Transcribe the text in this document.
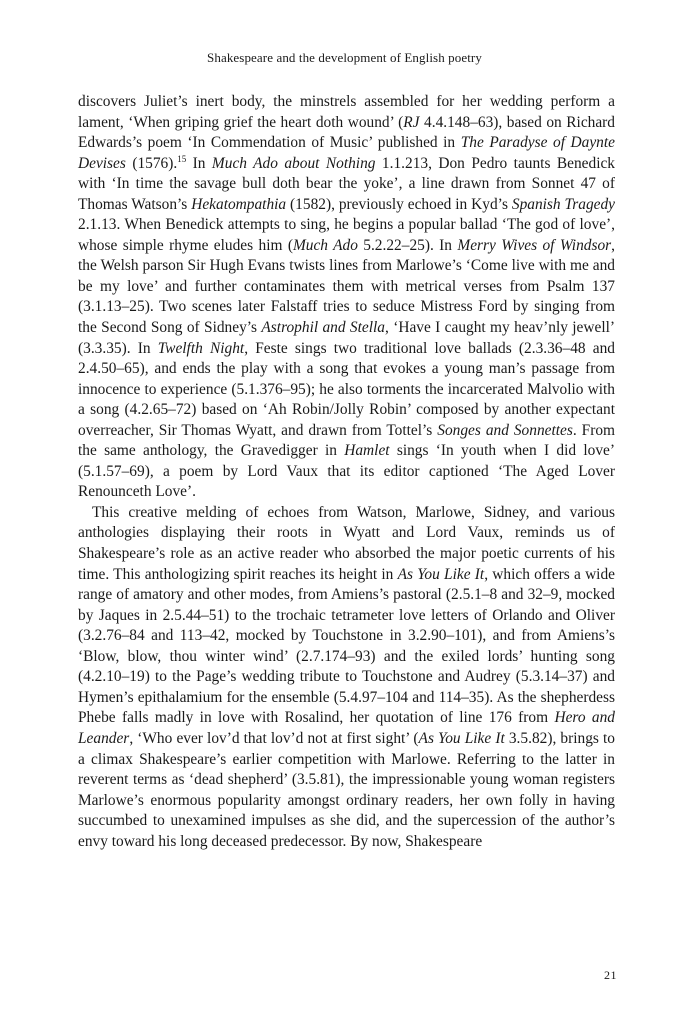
Shakespeare and the development of English poetry

discovers Juliet’s inert body, the minstrels assembled for her wedding perform a lament, ‘When griping grief the heart doth wound’ (RJ 4.4.148–63), based on Richard Edwards’s poem ‘In Commendation of Music’ published in The Paradyse of Daynte Devises (1576).$^{15}$ In Much Ado about Nothing 1.1.213, Don Pedro taunts Benedick with ‘In time the savage bull doth bear the yoke’, a line drawn from Sonnet 47 of Thomas Watson’s Hekatompathia (1582), previously echoed in Kyd’s Spanish Tragedy 2.1.13. When Benedick attempts to sing, he begins a popular ballad ‘The god of love’, whose simple rhyme eludes him (Much Ado 5.2.22–25). In Merry Wives of Windsor, the Welsh parson Sir Hugh Evans twists lines from Marlowe’s ‘Come live with me and be my love’ and further contaminates them with metrical verses from Psalm 137 (3.1.13–25). Two scenes later Falstaff tries to seduce Mistress Ford by singing from the Second Song of Sidney’s Astrophil and Stella, ‘Have I caught my heav’nly jewell’ (3.3.35). In Twelfth Night, Feste sings two traditional love ballads (2.3.36–48 and 2.4.50–65), and ends the play with a song that evokes a young man’s passage from innocence to experience (5.1.376–95); he also torments the incarcerated Malvolio with a song (4.2.65–72) based on ‘Ah Robin/Jolly Robin’ composed by another expectant overreacher, Sir Thomas Wyatt, and drawn from Tottel’s Songes and Sonnettes. From the same anthology, the Gravedigger in Hamlet sings ‘In youth when I did love’ (5.1.57–69), a poem by Lord Vaux that its editor captioned ‘The Aged Lover Renounceth Love’.

This creative melding of echoes from Watson, Marlowe, Sidney, and various anthologies displaying their roots in Wyatt and Lord Vaux, reminds us of Shakespeare’s role as an active reader who absorbed the major poetic currents of his time. This anthologizing spirit reaches its height in As You Like It, which offers a wide range of amatory and other modes, from Amiens’s pastoral (2.5.1–8 and 32–9, mocked by Jaques in 2.5.44–51) to the trochaic tetrameter love letters of Orlando and Oliver (3.2.76–84 and 113–42, mocked by Touchstone in 3.2.90–101), and from Amiens’s ‘Blow, blow, thou winter wind’ (2.7.174–93) and the exiled lords’ hunting song (4.2.10–19) to the Page’s wedding tribute to Touchstone and Audrey (5.3.14–37) and Hymen’s epithalamium for the ensemble (5.4.97–104 and 114–35). As the shepherdess Phebe falls madly in love with Rosalind, her quotation of line 176 from Hero and Leander, ‘Who ever lov’d that lov’d not at first sight’ (As You Like It 3.5.82), brings to a climax Shakespeare’s earlier competition with Marlowe. Referring to the latter in reverent terms as ‘dead shepherd’ (3.5.81), the impressionable young woman registers Marlowe’s enormous popularity amongst ordinary readers, her own folly in having succumbed to unexamined impulses as she did, and the supercession of the author’s envy toward his long deceased predecessor. By now, Shakespeare

21
